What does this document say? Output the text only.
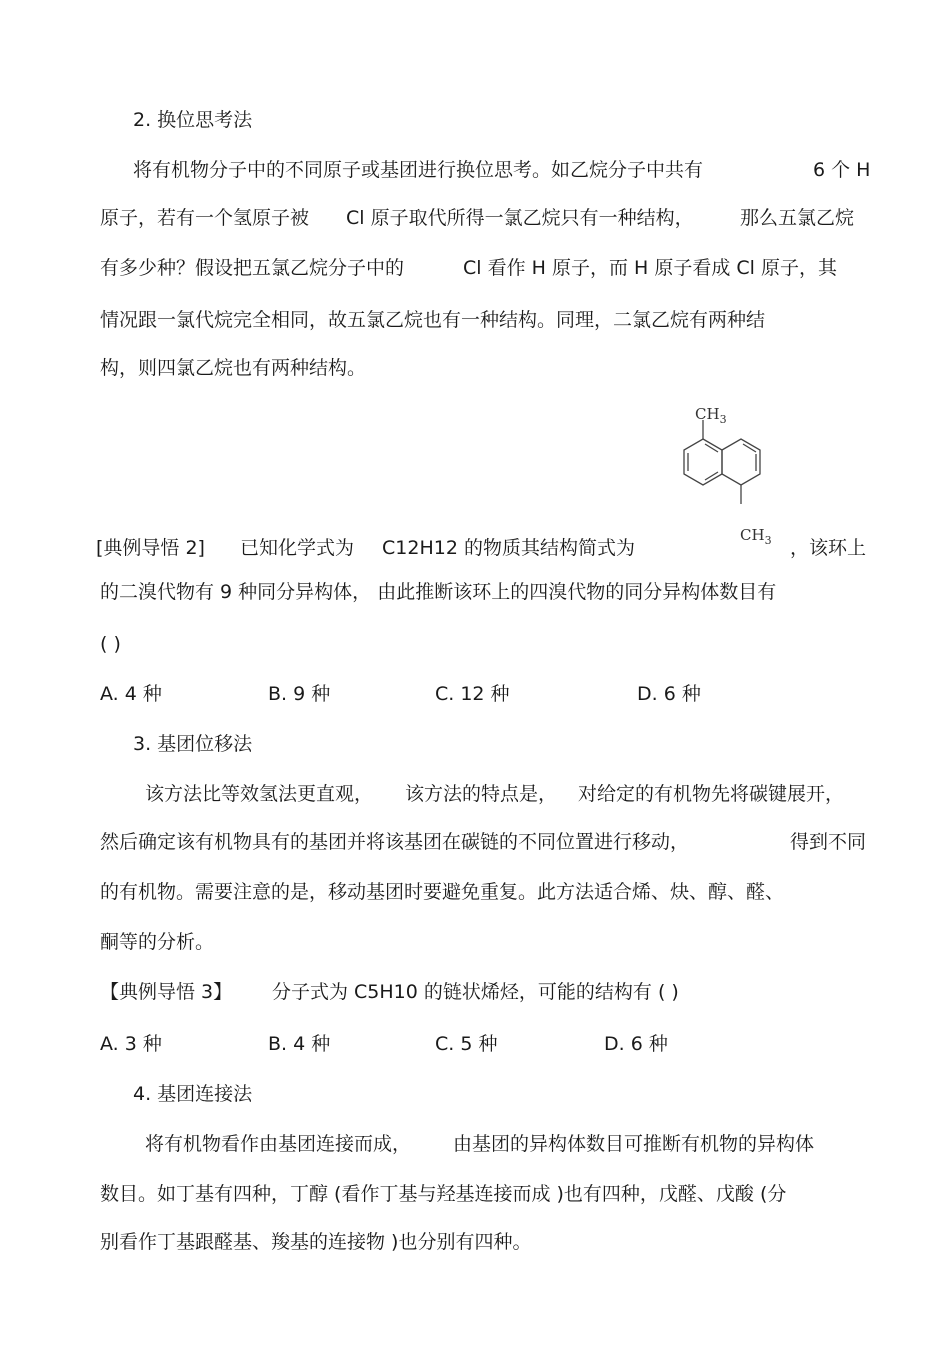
2. 换位思考法
将有机物分子中的不同原子或基团进行换位思考。如乙烷分子中共有	6 个 H
原子，若有一个氢原子被 Cl 原子取代所得一氯乙烷只有一种结构， 那么五氯乙烷
有多少种？假设把五氯乙烷分子中的	Cl 看作 H 原子，而 H 原子看成 Cl 原子，其
情况跟一氯代烷完全相同，故五氯乙烷也有一种结构。同理，二氯乙烷有两种结
构，则四氯乙烷也有两种结构。
$CH_3$
$CH_3$
[典例导悟 2] 已知化学式为 C12H12 的物质其结构简式为	，该环上
的二溴代物有 9 种同分异构体， 由此推断该环上的四溴代物的同分异构体数目有
( )
A. 4 种	B. 9 种	C. 12 种	D. 6 种
3. 基团位移法
该方法比等效氢法更直观， 该方法的特点是， 对给定的有机物先将碳键展开，
然后确定该有机物具有的基团并将该基团在碳链的不同位置进行移动，	得到不同
的有机物。需要注意的是，移动基团时要避免重复。此方法适合烯、炔、醇、醛、
酮等的分析。
【典例导悟 3】 分子式为 C5H10 的链状烯烃，可能的结构有 ( )
A. 3 种	B. 4 种	C. 5 种	D. 6 种
4. 基团连接法
将有机物看作由基团连接而成， 由基团的异构体数目可推断有机物的异构体
数目。如丁基有四种，丁醇 (看作丁基与羟基连接而成 )也有四种，戊醛、戊酸 (分
别看作丁基跟醛基、羧基的连接物 )也分别有四种。
